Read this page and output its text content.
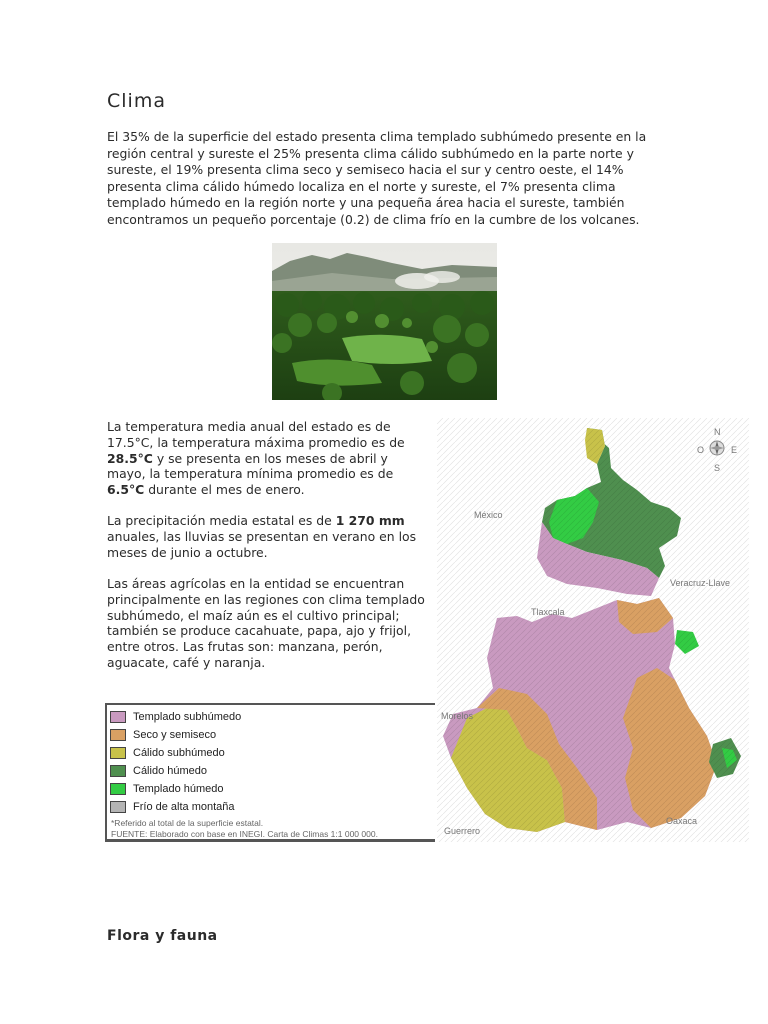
Clima

El 35% de la superficie del estado presenta clima templado subhúmedo presente en la región central y sureste el 25% presenta clima cálido subhúmedo en la parte norte y sureste, el 19% presenta clima seco y semiseco hacia el sur y centro oeste, el 14% presenta clima cálido húmedo localiza en el norte y sureste, el 7% presenta clima templado húmedo en la región norte y una pequeña área hacia el sureste, también encontramos un pequeño porcentaje (0.2) de clima frío en la cumbre de los volcanes.

La temperatura media anual del estado es de 17.5°C, la temperatura máxima promedio es de 28.5°C y se presenta en los meses de abril y mayo, la temperatura mínima promedio es de 6.5°C durante el mes de enero.

La precipitación media estatal es de 1 270 mm anuales, las lluvias se presentan en verano en los meses de junio a octubre.

Las áreas agrícolas en la entidad se encuentran principalmente en las regiones con clima templado subhúmedo, el maíz aún es el cultivo principal; también se produce cacahuate, papa, ajo y frijol, entre otros. Las frutas son: manzana, perón, aguacate, café y naranja.

Templado subhúmedo
Seco y semiseco
Cálido subhúmedo
Cálido húmedo
Templado húmedo
Frío de alta montaña
*Referido al total de la superficie estatal.
FUENTE: Elaborado con base en INEGI. Carta de Climas 1:1 000 000.
N
S
O	E
México
Veracruz-Llave
Tlaxcala
Morelos
Guerrero
Oaxaca
Flora y fauna
